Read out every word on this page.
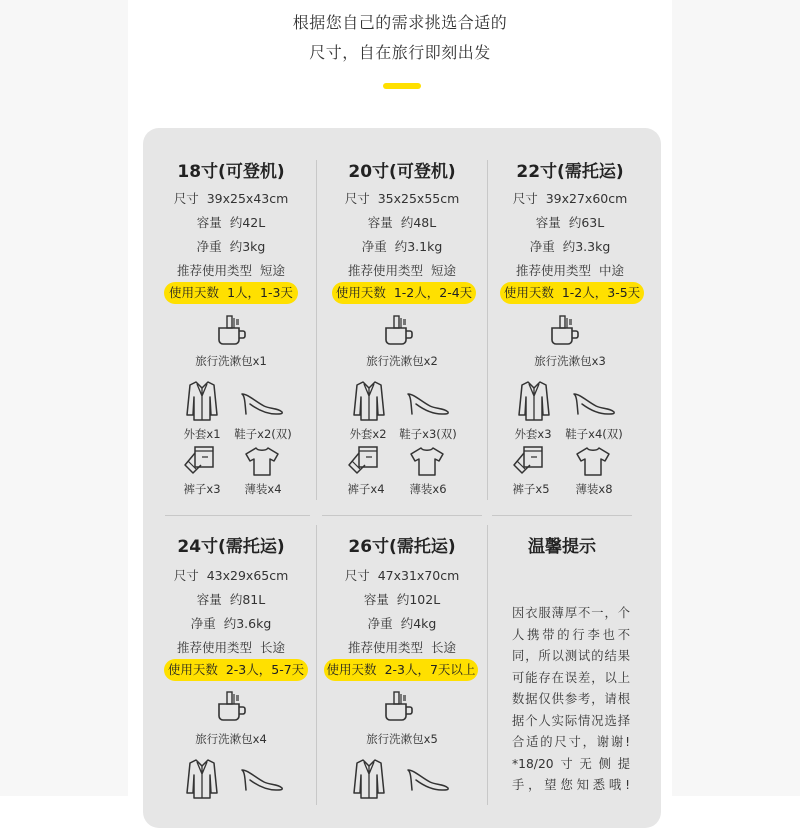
根据您自己的需求挑选合适的
尺寸，自在旅行即刻出发
18寸(可登机)
尺寸 39x25x43cm
容量 约42L
净重 约3kg
推荐使用类型 短途
使用天数 1人，1-3天
20寸(可登机)
尺寸 35x25x55cm
容量 约48L
净重 约3.1kg
推荐使用类型 短途
使用天数 1-2人，2-4天
22寸(需托运)
尺寸 39x27x60cm
容量 约63L
净重 约3.3kg
推荐使用类型 中途
使用天数 1-2人，3-5天
24寸(需托运)
尺寸 43x29x65cm
容量 约81L
净重 约3.6kg
推荐使用类型 长途
使用天数 2-3人，5-7天
26寸(需托运)
尺寸 47x31x70cm
容量 约102L
净重 约4kg
推荐使用类型 长途
使用天数 2-3人，7天以上
温馨提示
因衣服薄厚不一，个
人携带的行李也不
同，所以测试的结果
可能存在误差，以上
数据仅供参考，请根
据个人实际情况选择
合适的尺寸，谢谢!
*18/20寸无侧提
手，望您知悉哦!
旅行洗漱包x1	旅行洗漱包x2	旅行洗漱包x3
旅行洗漱包x4	旅行洗漱包x5
外套x1	鞋子x2(双)	外套x2	鞋子x3(双)	外套x3	鞋子x4(双)
裤子x3	薄装x4	裤子x4	薄装x6	裤子x5	薄装x8
